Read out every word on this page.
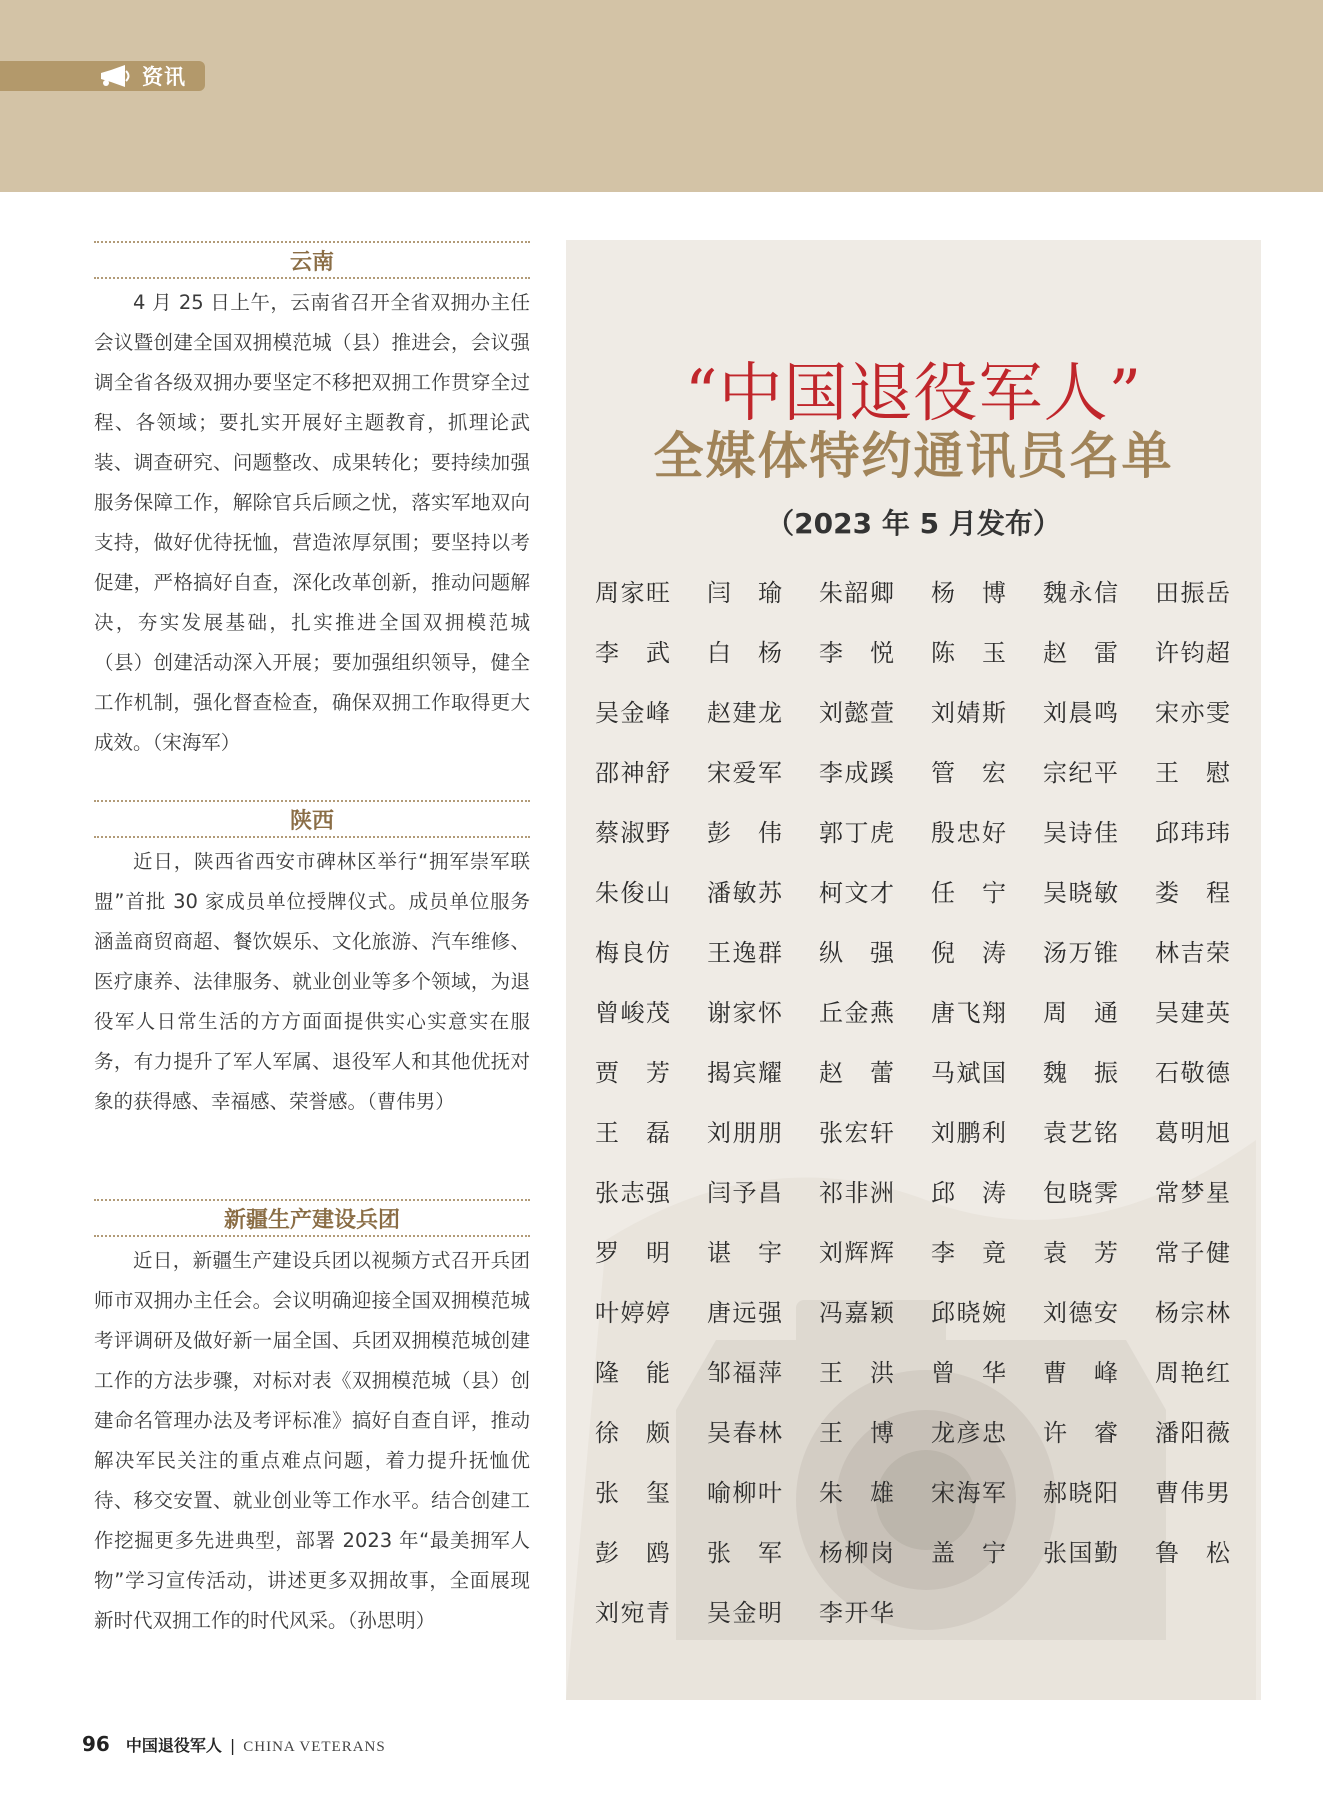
资讯
云南
4 月 25 日上午，云南省召开全省双拥办主任会议暨创建全国双拥模范城（县）推进会，会议强调全省各级双拥办要坚定不移把双拥工作贯穿全过程、各领域；要扎实开展好主题教育，抓理论武装、调查研究、问题整改、成果转化；要持续加强服务保障工作，解除官兵后顾之忧，落实军地双向支持，做好优待抚恤，营造浓厚氛围；要坚持以考促建，严格搞好自查，深化改革创新，推动问题解决，夯实发展基础，扎实推进全国双拥模范城（县）创建活动深入开展；要加强组织领导，健全工作机制，强化督查检查，确保双拥工作取得更大成效。（宋海军）
陕西
近日，陕西省西安市碑林区举行“拥军崇军联盟”首批 30 家成员单位授牌仪式。成员单位服务涵盖商贸商超、餐饮娱乐、文化旅游、汽车维修、医疗康养、法律服务、就业创业等多个领域，为退役军人日常生活的方方面面提供实心实意实在服务，有力提升了军人军属、退役军人和其他优抚对象的获得感、幸福感、荣誉感。（曹伟男）
新疆生产建设兵团
近日，新疆生产建设兵团以视频方式召开兵团师市双拥办主任会。会议明确迎接全国双拥模范城考评调研及做好新一届全国、兵团双拥模范城创建工作的方法步骤，对标对表《双拥模范城（县）创建命名管理办法及考评标准》搞好自查自评，推动解决军民关注的重点难点问题，着力提升抚恤优待、移交安置、就业创业等工作水平。结合创建工作挖掘更多先进典型，部署 2023 年“最美拥军人物”学习宣传活动，讲述更多双拥故事，全面展现新时代双拥工作的时代风采。（孙思明）
“中国退役军人”
全媒体特约通讯员名单
（2023 年 5 月发布）
周家旺 闫瑜 朱韶卿 杨博 魏永信 田振岳
李武 白杨 李悦 陈玉 赵雷 许钧超
吴金峰 赵建龙 刘懿萱 刘婧斯 刘晨鸣 宋亦雯
邵神舒 宋爱军 李成蹊 管宏 宗纪平 王慰
蔡淑野 彭伟 郭丁虎 殷忠好 吴诗佳 邱玮玮
朱俊山 潘敏苏 柯文才 任宁 吴晓敏 娄程
梅良仿 王逸群 纵强 倪涛 汤万锥 林吉荣
曾峻茂 谢家怀 丘金燕 唐飞翔 周通 吴建英
贾芳 揭宾耀 赵蕾 马斌国 魏振 石敬德
王磊 刘朋朋 张宏轩 刘鹏利 袁艺铭 葛明旭
张志强 闫予昌 祁非洲 邱涛 包晓霁 常梦星
罗明 谌宇 刘辉辉 李竟 袁芳 常子健
叶婷婷 唐远强 冯嘉颖 邱晓婉 刘德安 杨宗林
隆能 邹福萍 王洪 曾华 曹峰 周艳红
徐颇 吴春林 王博 龙彦忠 许睿 潘阳薇
张玺 喻柳叶 朱雄 宋海军 郝晓阳 曹伟男
彭鸥 张军 杨柳岗 盖宁 张国勤 鲁松
刘宛青 吴金明 李开华
96 中国退役军人 | CHINA VETERANS
